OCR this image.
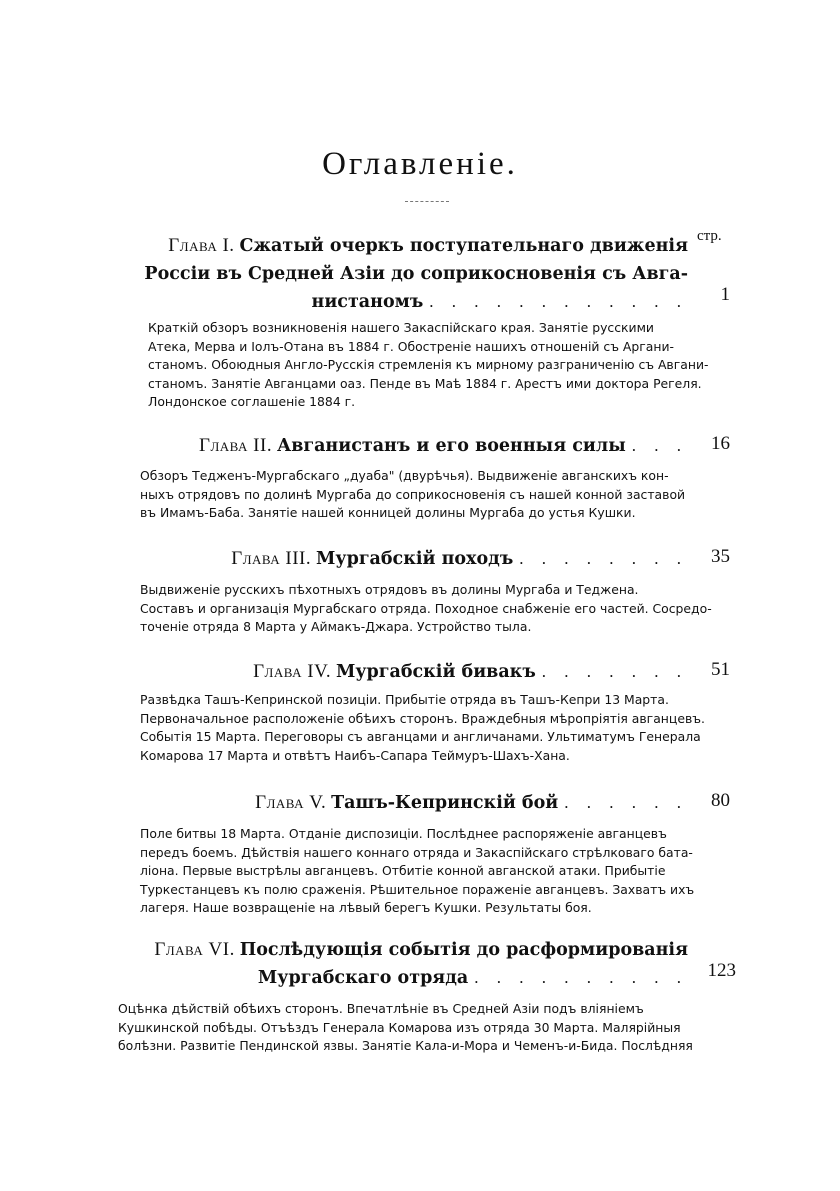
Оглавленіе.
стр.
Глава I. Сжатый очеркъ поступательнаго движенія
Россіи въ Средней Азіи до соприкосновенія съ Авга-
нистаномъ . . . . . . . . . . . .	1
Краткій обзоръ возникновенія нашего Закаспійскаго края. Занятіе русскими
Атека, Мерва и Іолъ-Отана въ 1884 г. Обостреніе нашихъ отношеній съ Аргани-
станомъ. Обоюдныя Англо-Русскія стремленія къ мирному разграниченію съ Авгани-
станомъ. Занятіе Авганцами оаз. Пенде въ Маѣ 1884 г. Арестъ ими доктора Регеля.
Лондонское соглашеніе 1884 г.
Глава II. Авганистанъ и его военныя силы . . .	16
Обзоръ Тедженъ-Мургабскаго „дуаба" (двурѣчья). Выдвиженіе авганскихъ кон-
ныхъ отрядовъ по долинѣ Мургаба до соприкосновенія съ нашей конной заставой
въ Имамъ-Баба. Занятіе нашей конницей долины Мургаба до устья Кушки.
Глава III. Мургабскій походъ . . . . . . . .	35
Выдвиженіе русскихъ пѣхотныхъ отрядовъ въ долины Мургаба и Теджена.
Составъ и организація Мургабскаго отряда. Походное снабженіе его частей. Сосредо-
точеніе отряда 8 Марта у Аймакъ-Джара. Устройство тыла.
Глава IV. Мургабскій бивакъ . . . . . . .	51
Развѣдка Ташъ-Кепринской позиціи. Прибытіе отряда въ Ташъ-Кепри 13 Марта.
Первоначальное расположеніе обѣихъ сторонъ. Враждебныя мѣропріятія авганцевъ.
Событія 15 Марта. Переговоры съ авганцами и англичанами. Ультиматумъ Генерала
Комарова 17 Марта и отвѣтъ Наибъ-Сапара Теймуръ-Шахъ-Хана.
Глава V. Ташъ-Кепринскій бой . . . . . .	80
Поле битвы 18 Марта. Отданіе диспозиціи. Послѣднее распоряженіе авганцевъ
передъ боемъ. Дѣйствія нашего коннаго отряда и Закаспійскаго стрѣлковаго бата-
ліона. Первые выстрѣлы авганцевъ. Отбитіе конной авганской атаки. Прибытіе
Туркестанцевъ къ полю сраженія. Рѣшительное пораженіе авганцевъ. Захватъ ихъ
лагеря. Наше возвращеніе на лѣвый берегъ Кушки. Результаты боя.
Глава VI. Послѣдующія событія до расформированія
Мургабскаго отряда . . . . . . . . . .	123
Оцѣнка дѣйствій обѣихъ сторонъ. Впечатлѣніе въ Средней Азіи подъ вліяніемъ
Кушкинской побѣды. Отъѣздъ Генерала Комарова изъ отряда 30 Марта. Малярійныя
болѣзни. Развитіе Пендинской язвы. Занятіе Кала-и-Мора и Чеменъ-и-Бида. Послѣдняя
